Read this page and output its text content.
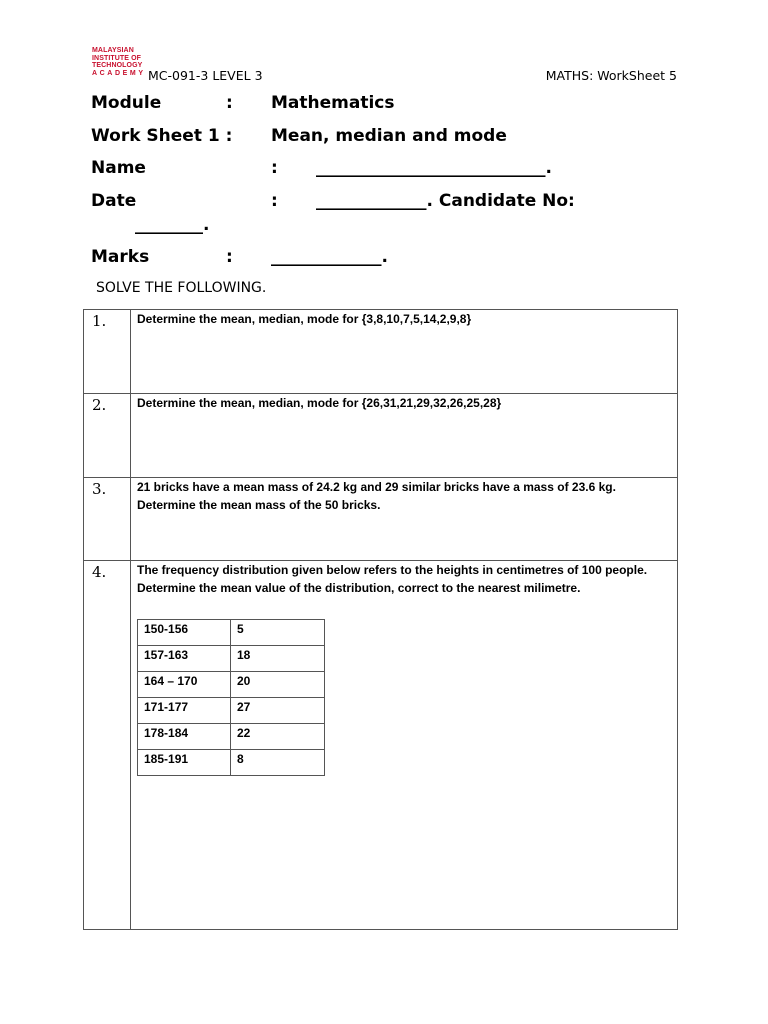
MALAYSIAN
INSTITUTE OF
TECHNOLOGY
ACADEMY MC-091-3 LEVEL 3	MATHS: WorkSheet 5
Module	: Mathematics
Work Sheet 1 : Mean, median and mode
Name	: ___________________________.
Date	: _____________. Candidate No:
________.
Marks	: _____________.
SOLVE THE FOLLOWING.
1.	Determine the mean, median, mode for {3,8,10,7,5,14,2,9,8}

2.	Determine the mean, median, mode for {26,31,21,29,32,26,25,28}

3.	21 bricks have a mean mass of 24.2 kg and 29 similar bricks have a mass of 23.6 kg. Determine the mean mass of the 50 bricks.

4.	The frequency distribution given below refers to the heights in centimetres of 100 people. Determine the mean value of the distribution, correct to the nearest milimetre.
150-156	5
157-163	18
164 – 170	20
171-177	27
178-184	22
185-191	8
